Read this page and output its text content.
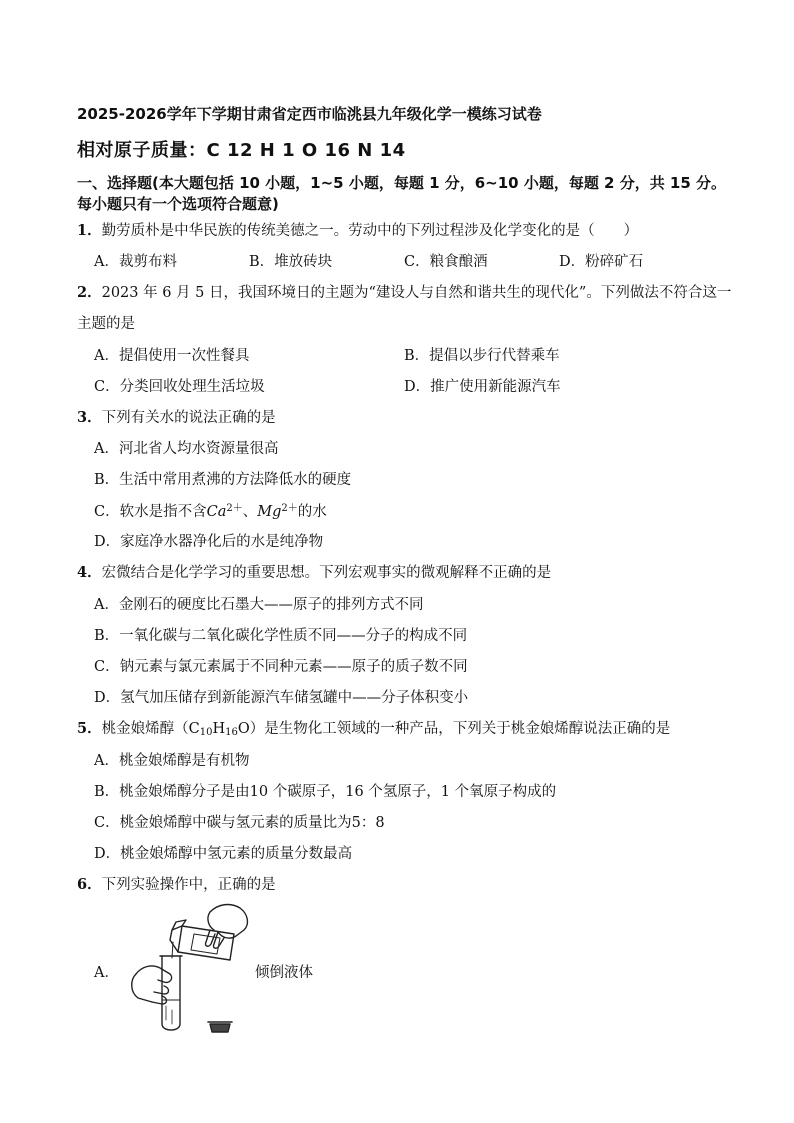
2025-2026学年下学期甘肃省定西市临洮县九年级化学一模练习试卷
相对原子质量：C 12 H 1 O 16 N 14
一、选择题(本大题包括 10 小题，1~5 小题，每题 1 分，6~10 小题，每题 2 分，共 15 分。
每小题只有一个选项符合题意)
1．勤劳质朴是中华民族的传统美德之一。劳动中的下列过程涉及化学变化的是（　　）
A．裁剪布料	B．堆放砖块	C．粮食酿酒	D．粉碎矿石
2．2023 年 6 月 5 日，我国环境日的主题为“建设人与自然和谐共生的现代化”。下列做法不符合这一
主题的是
A．提倡使用一次性餐具	B．提倡以步行代替乘车
C．分类回收处理生活垃圾	D．推广使用新能源汽车
3．下列有关水的说法正确的是
A．河北省人均水资源量很高
B．生活中常用煮沸的方法降低水的硬度
C．软水是指不含$Ca^{2+}$、$Mg^{2+}$的水
D．家庭净水器净化后的水是纯净物
4．宏微结合是化学学习的重要思想。下列宏观事实的微观解释不正确的是
A．金刚石的硬度比石墨大——原子的排列方式不同
B．一氧化碳与二氧化碳化学性质不同——分子的构成不同
C．钠元素与氯元素属于不同种元素——原子的质子数不同
D．氢气加压储存到新能源汽车储氢罐中——分子体积变小
5．桃金娘烯醇$(C_{10}H_{16}O)$是生物化工领域的一种产品，下列关于桃金娘烯醇说法正确的是
A．桃金娘烯醇是有机物
B．桃金娘烯醇分子是由10 个碳原子，16 个氢原子，1 个氧原子构成的
C．桃金娘烯醇中碳与氢元素的质量比为5：8
D．桃金娘烯醇中氢元素的质量分数最高
6．下列实验操作中，正确的是
A．	倾倒液体
